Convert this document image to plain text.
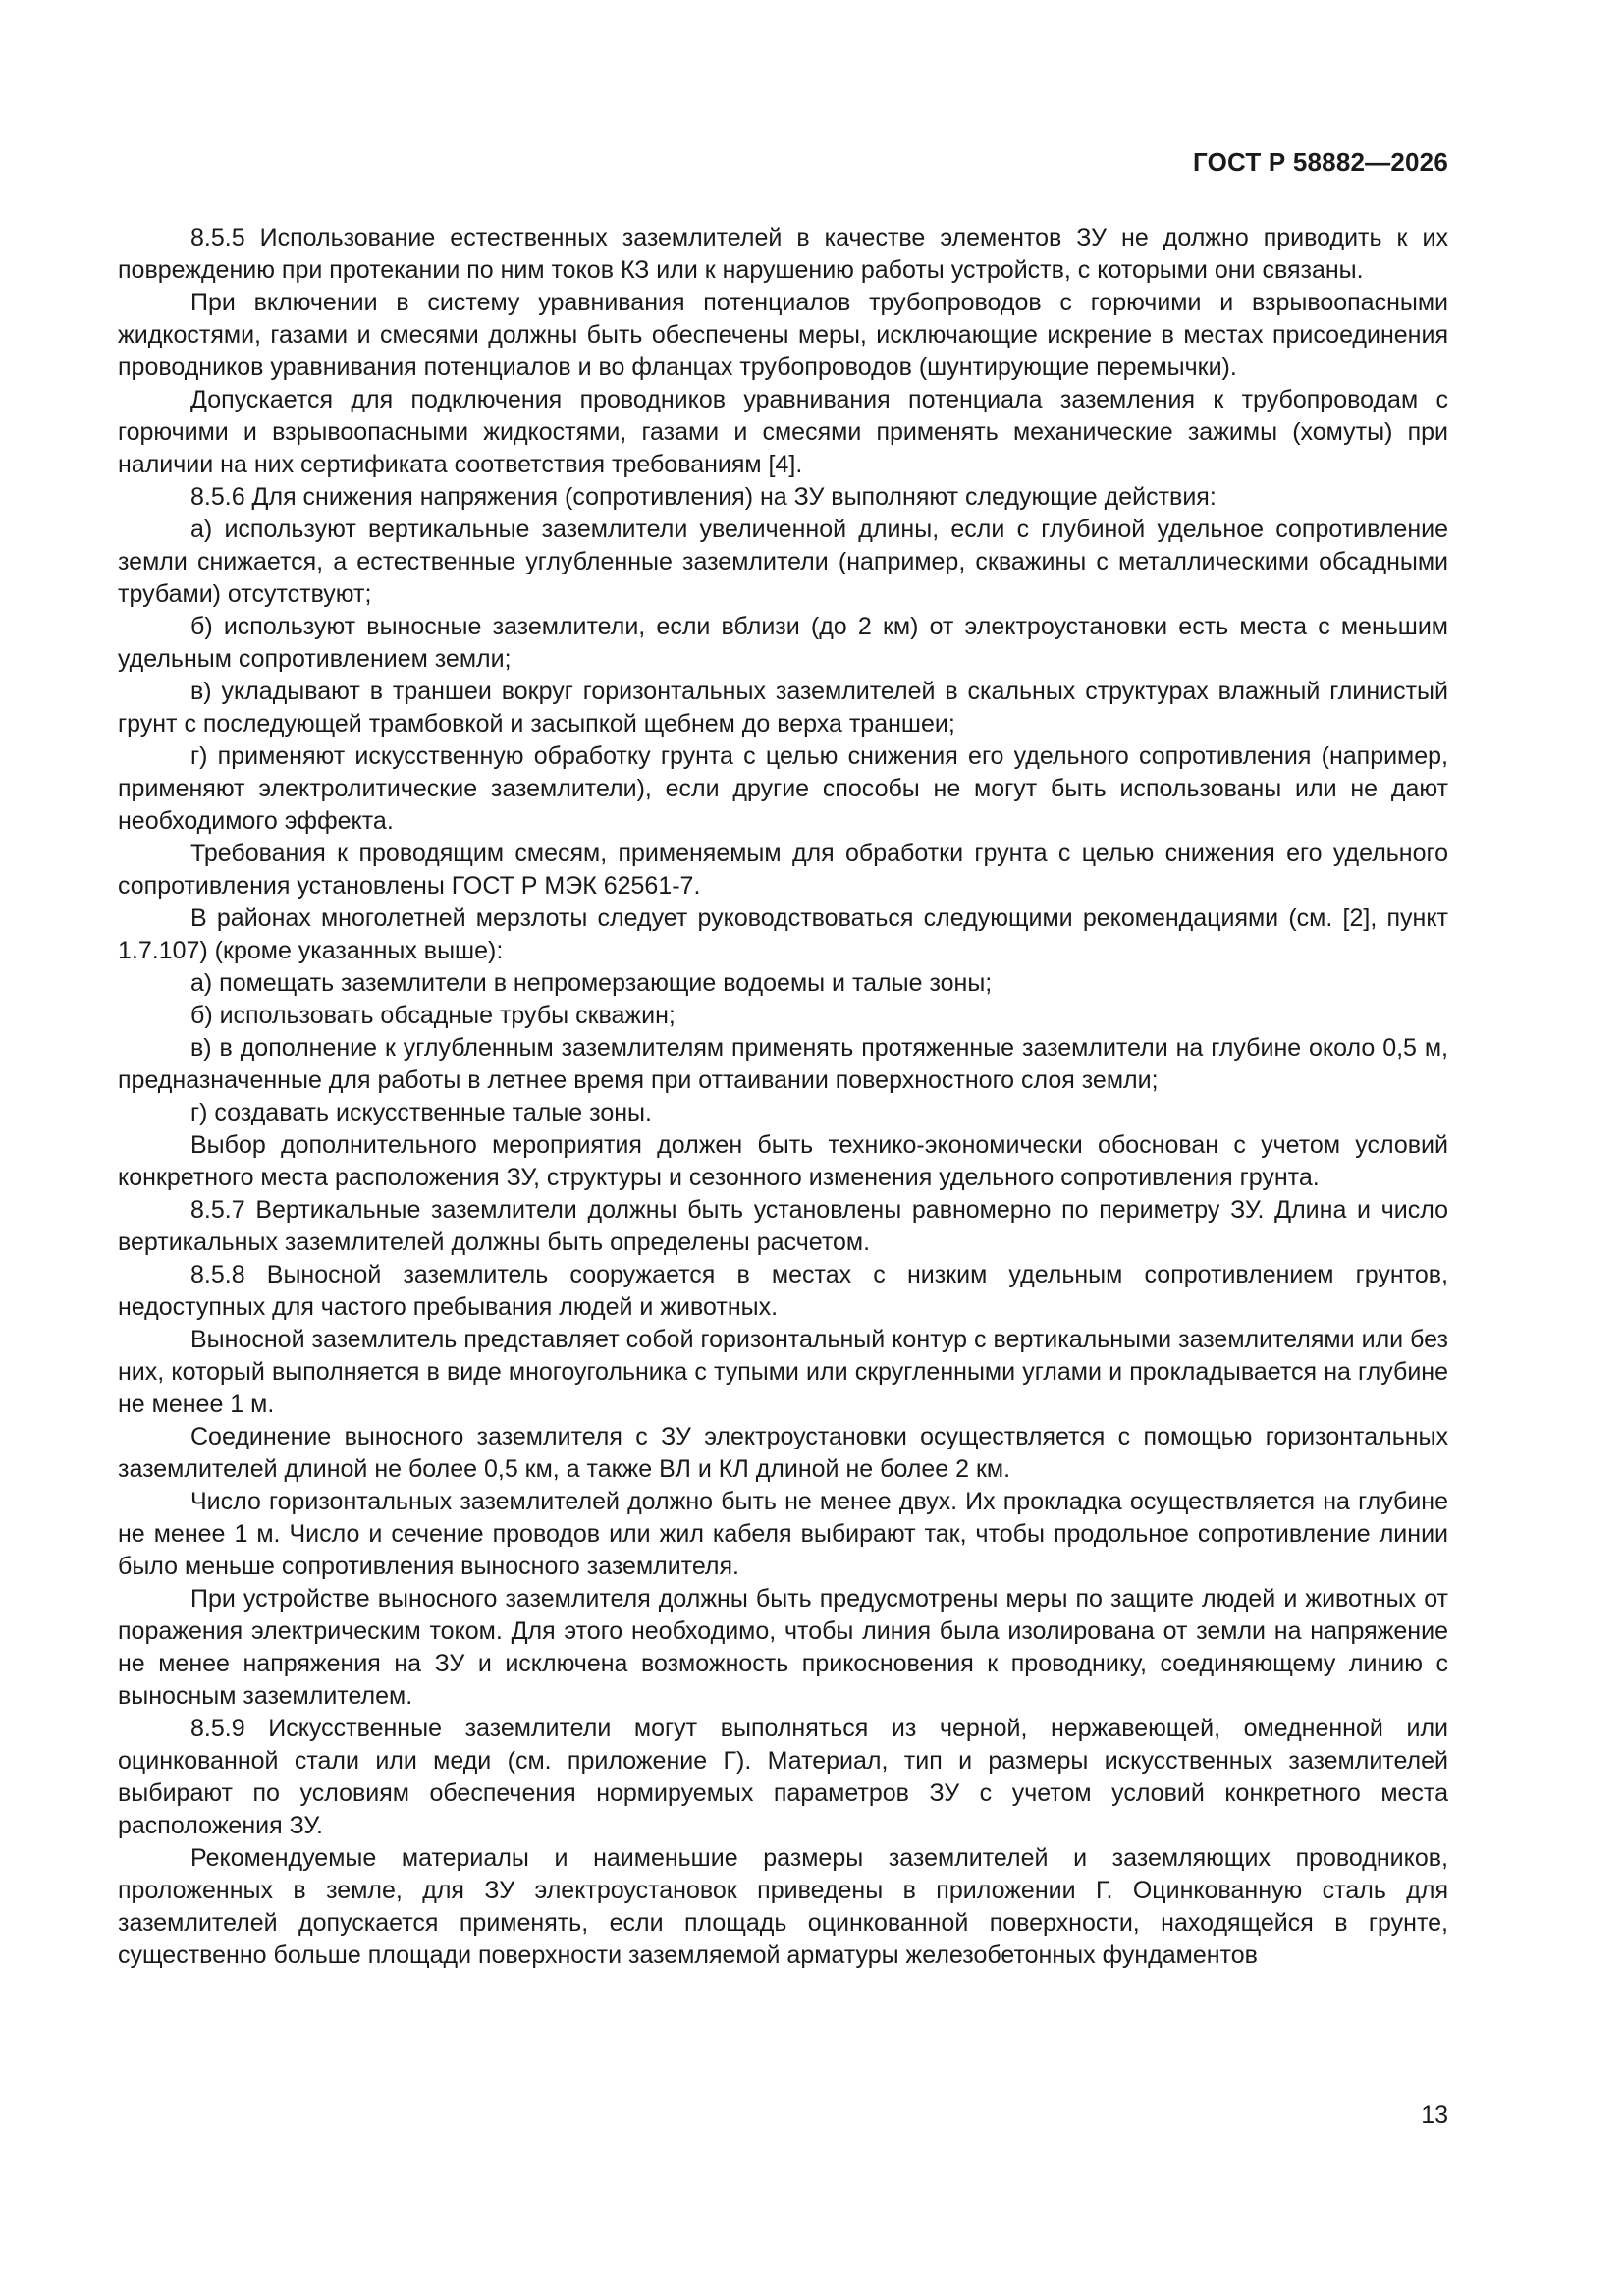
ГОСТ Р 58882—2026

8.5.5 Использование естественных заземлителей в качестве элементов ЗУ не должно приводить к их повреждению при протекании по ним токов КЗ или к нарушению работы устройств, с которыми они связаны.

При включении в систему уравнивания потенциалов трубопроводов с горючими и взрывоопасными жидкостями, газами и смесями должны быть обеспечены меры, исключающие искрение в местах присоединения проводников уравнивания потенциалов и во фланцах трубопроводов (шунтирующие перемычки).

Допускается для подключения проводников уравнивания потенциала заземления к трубопроводам с горючими и взрывоопасными жидкостями, газами и смесями применять механические зажимы (хомуты) при наличии на них сертификата соответствия требованиям [4].

8.5.6 Для снижения напряжения (сопротивления) на ЗУ выполняют следующие действия:

а) используют вертикальные заземлители увеличенной длины, если с глубиной удельное сопротивление земли снижается, а естественные углубленные заземлители (например, скважины с металлическими обсадными трубами) отсутствуют;

б) используют выносные заземлители, если вблизи (до 2 км) от электроустановки есть места с меньшим удельным сопротивлением земли;

в) укладывают в траншеи вокруг горизонтальных заземлителей в скальных структурах влажный глинистый грунт с последующей трамбовкой и засыпкой щебнем до верха траншеи;

г) применяют искусственную обработку грунта с целью снижения его удельного сопротивления (например, применяют электролитические заземлители), если другие способы не могут быть использованы или не дают необходимого эффекта.

Требования к проводящим смесям, применяемым для обработки грунта с целью снижения его удельного сопротивления установлены ГОСТ Р МЭК 62561-7.

В районах многолетней мерзлоты следует руководствоваться следующими рекомендациями (см. [2], пункт 1.7.107) (кроме указанных выше):

а) помещать заземлители в непромерзающие водоемы и талые зоны;

б) использовать обсадные трубы скважин;

в) в дополнение к углубленным заземлителям применять протяженные заземлители на глубине около 0,5 м, предназначенные для работы в летнее время при оттаивании поверхностного слоя земли;

г) создавать искусственные талые зоны.

Выбор дополнительного мероприятия должен быть технико-экономически обоснован с учетом условий конкретного места расположения ЗУ, структуры и сезонного изменения удельного сопротивления грунта.

8.5.7 Вертикальные заземлители должны быть установлены равномерно по периметру ЗУ. Длина и число вертикальных заземлителей должны быть определены расчетом.

8.5.8 Выносной заземлитель сооружается в местах с низким удельным сопротивлением грунтов, недоступных для частого пребывания людей и животных.

Выносной заземлитель представляет собой горизонтальный контур с вертикальными заземлителями или без них, который выполняется в виде многоугольника с тупыми или скругленными углами и прокладывается на глубине не менее 1 м.

Соединение выносного заземлителя с ЗУ электроустановки осуществляется с помощью горизонтальных заземлителей длиной не более 0,5 км, а также ВЛ и КЛ длиной не более 2 км.

Число горизонтальных заземлителей должно быть не менее двух. Их прокладка осуществляется на глубине не менее 1 м. Число и сечение проводов или жил кабеля выбирают так, чтобы продольное сопротивление линии было меньше сопротивления выносного заземлителя.

При устройстве выносного заземлителя должны быть предусмотрены меры по защите людей и животных от поражения электрическим током. Для этого необходимо, чтобы линия была изолирована от земли на напряжение не менее напряжения на ЗУ и исключена возможность прикосновения к проводнику, соединяющему линию с выносным заземлителем.

8.5.9 Искусственные заземлители могут выполняться из черной, нержавеющей, омедненной или оцинкованной стали или меди (см. приложение Г). Материал, тип и размеры искусственных заземлителей выбирают по условиям обеспечения нормируемых параметров ЗУ с учетом условий конкретного места расположения ЗУ.

Рекомендуемые материалы и наименьшие размеры заземлителей и заземляющих проводников, проложенных в земле, для ЗУ электроустановок приведены в приложении Г. Оцинкованную сталь для заземлителей допускается применять, если площадь оцинкованной поверхности, находящейся в грунте, существенно больше площади поверхности заземляемой арматуры железобетонных фундаментов

13
